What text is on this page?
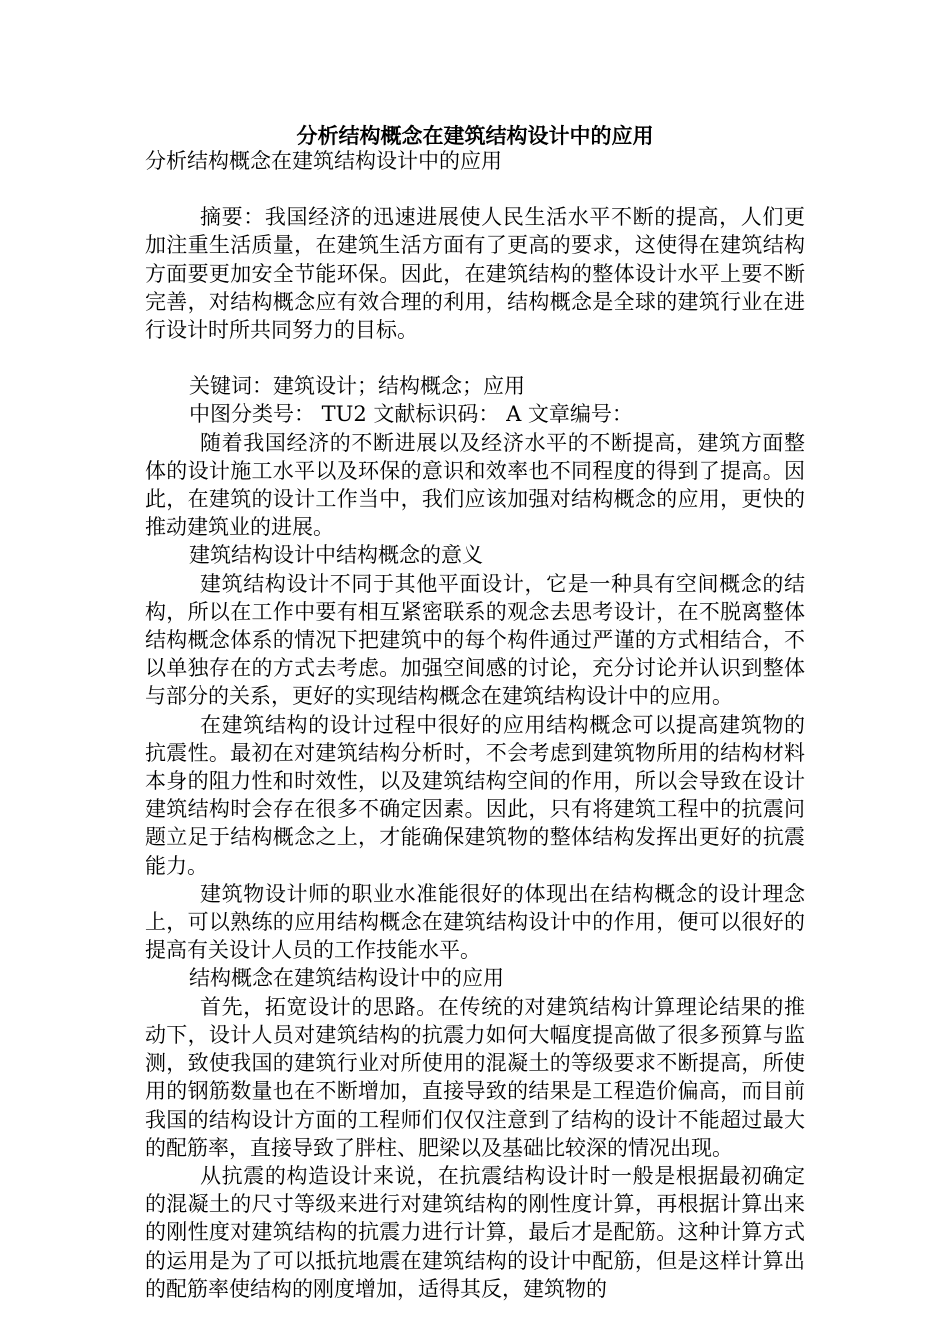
分析结构概念在建筑结构设计中的应用

分析结构概念在建筑结构设计中的应用

摘要：我国经济的迅速进展使人民生活水平不断的提高，人们更加注重生活质量，在建筑生活方面有了更高的要求，这使得在建筑结构方面要更加安全节能环保。因此，在建筑结构的整体设计水平上要不断完善，对结构概念应有效合理的利用，结构概念是全球的建筑行业在进行设计时所共同努力的目标。

关键词：建筑设计；结构概念；应用

中图分类号： TU2 文献标识码： A 文章编号：

随着我国经济的不断进展以及经济水平的不断提高，建筑方面整体的设计施工水平以及环保的意识和效率也不同程度的得到了提高。因此，在建筑的设计工作当中，我们应该加强对结构概念的应用，更快的推动建筑业的进展。

建筑结构设计中结构概念的意义

建筑结构设计不同于其他平面设计，它是一种具有空间概念的结构，所以在工作中要有相互紧密联系的观念去思考设计，在不脱离整体结构概念体系的情况下把建筑中的每个构件通过严谨的方式相结合，不以单独存在的方式去考虑。加强空间感的讨论，充分讨论并认识到整体与部分的关系，更好的实现结构概念在建筑结构设计中的应用。

在建筑结构的设计过程中很好的应用结构概念可以提高建筑物的抗震性。最初在对建筑结构分析时，不会考虑到建筑物所用的结构材料本身的阻力性和时效性，以及建筑结构空间的作用，所以会导致在设计建筑结构时会存在很多不确定因素。因此，只有将建筑工程中的抗震问题立足于结构概念之上，才能确保建筑物的整体结构发挥出更好的抗震能力。

建筑物设计师的职业水准能很好的体现出在结构概念的设计理念上，可以熟练的应用结构概念在建筑结构设计中的作用，便可以很好的提高有关设计人员的工作技能水平。

结构概念在建筑结构设计中的应用

首先，拓宽设计的思路。在传统的对建筑结构计算理论结果的推动下，设计人员对建筑结构的抗震力如何大幅度提高做了很多预算与监测，致使我国的建筑行业对所使用的混凝土的等级要求不断提高，所使用的钢筋数量也在不断增加，直接导致的结果是工程造价偏高，而目前我国的结构设计方面的工程师们仅仅注意到了结构的设计不能超过最大的配筋率，直接导致了胖柱、肥梁以及基础比较深的情况出现。

从抗震的构造设计来说，在抗震结构设计时一般是根据最初确定的混凝土的尺寸等级来进行对建筑结构的刚性度计算，再根据计算出来的刚性度对建筑结构的抗震力进行计算，最后才是配筋。这种计算方式的运用是为了可以抵抗地震在建筑结构的设计中配筋，但是这样计算出的配筋率使结构的刚度增加，适得其反，建筑物的
